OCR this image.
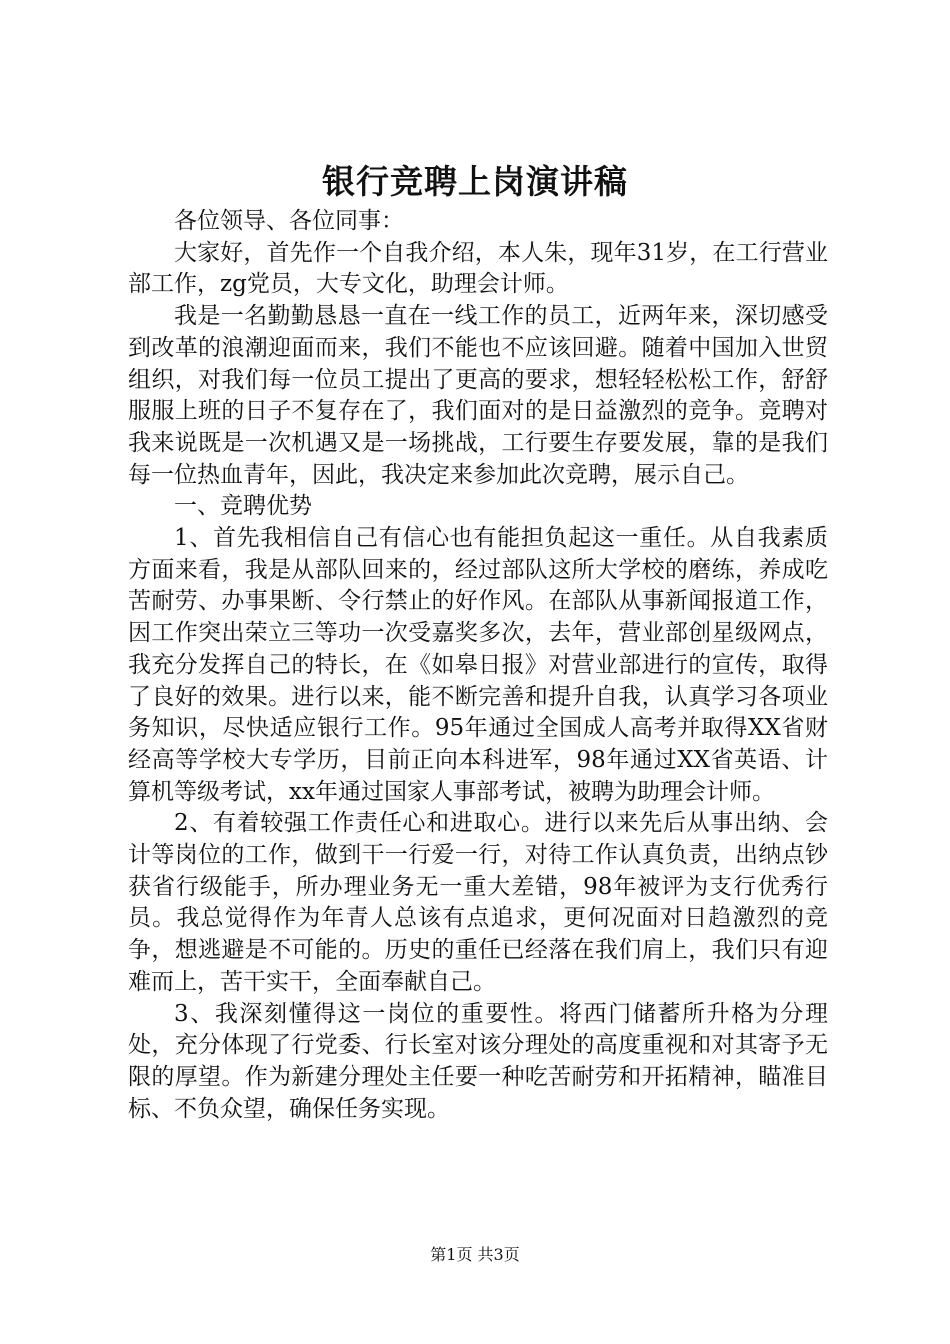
银行竞聘上岗演讲稿

各位领导、各位同事：

大家好，首先作一个自我介绍，本人朱，现年31岁，在工行营业部工作，zg党员，大专文化，助理会计师。

我是一名勤勤恳恳一直在一线工作的员工，近两年来，深切感受到改革的浪潮迎面而来，我们不能也不应该回避。随着中国加入世贸组织，对我们每一位员工提出了更高的要求，想轻轻松松工作，舒舒服服上班的日子不复存在了，我们面对的是日益激烈的竞争。竞聘对我来说既是一次机遇又是一场挑战，工行要生存要发展，靠的是我们每一位热血青年，因此，我决定来参加此次竞聘，展示自己。

一、竞聘优势

1、首先我相信自己有信心也有能担负起这一重任。从自我素质方面来看，我是从部队回来的，经过部队这所大学校的磨练，养成吃苦耐劳、办事果断、令行禁止的好作风。在部队从事新闻报道工作，因工作突出荣立三等功一次受嘉奖多次，去年，营业部创星级网点，我充分发挥自己的特长，在《如皋日报》对营业部进行的宣传，取得了良好的效果。进行以来，能不断完善和提升自我，认真学习各项业务知识，尽快适应银行工作。95年通过全国成人高考并取得XX省财经高等学校大专学历，目前正向本科进军，98年通过XX省英语、计算机等级考试，xx年通过国家人事部考试，被聘为助理会计师。

2、有着较强工作责任心和进取心。进行以来先后从事出纳、会计等岗位的工作，做到干一行爱一行，对待工作认真负责，出纳点钞获省行级能手，所办理业务无一重大差错，98年被评为支行优秀行员。我总觉得作为年青人总该有点追求，更何况面对日趋激烈的竞争，想逃避是不可能的。历史的重任已经落在我们肩上，我们只有迎难而上，苦干实干，全面奉献自己。

3、我深刻懂得这一岗位的重要性。将西门储蓄所升格为分理处，充分体现了行党委、行长室对该分理处的高度重视和对其寄予无限的厚望。作为新建分理处主任要一种吃苦耐劳和开拓精神，瞄准目标、不负众望，确保任务实现。

第1页 共3页
